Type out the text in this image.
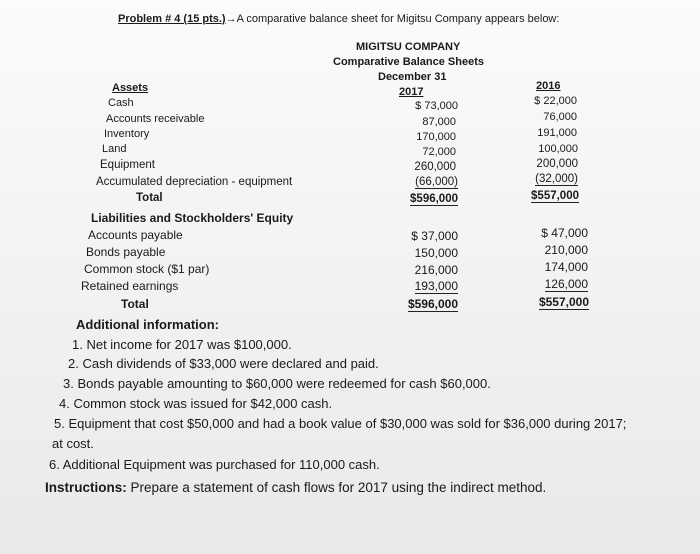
Problem # 4 (15 pts.)→A comparative balance sheet for Migitsu Company appears below:
MIGITSU COMPANY
Comparative Balance Sheets
December 31
2017	2016
Assets
Cash
Accounts receivable
Inventory
Land
Equipment
Accumulated depreciation - equipment
Total
$ 73,000
87,000
170,000
72,000
260,000
(66,000)
$596,000
$ 22,000
76,000
191,000
100,000
200,000
(32,000)
$557,000
Liabilities and Stockholders' Equity
Accounts payable
Bonds payable
Common stock ($1 par)
Retained earnings
Total
$ 37,000
150,000
216,000
193,000
$596,000
$ 47,000
210,000
174,000
126,000
$557,000
Additional information:
1. Net income for 2017 was $100,000.
2. Cash dividends of $33,000 were declared and paid.
3. Bonds payable amounting to $60,000 were redeemed for cash $60,000.
4. Common stock was issued for $42,000 cash.
5. Equipment that cost $50,000 and had a book value of $30,000 was sold for $36,000 during 2017;
at cost.
6. Additional Equipment was purchased for 110,000 cash.
Instructions: Prepare a statement of cash flows for 2017 using the indirect method.
